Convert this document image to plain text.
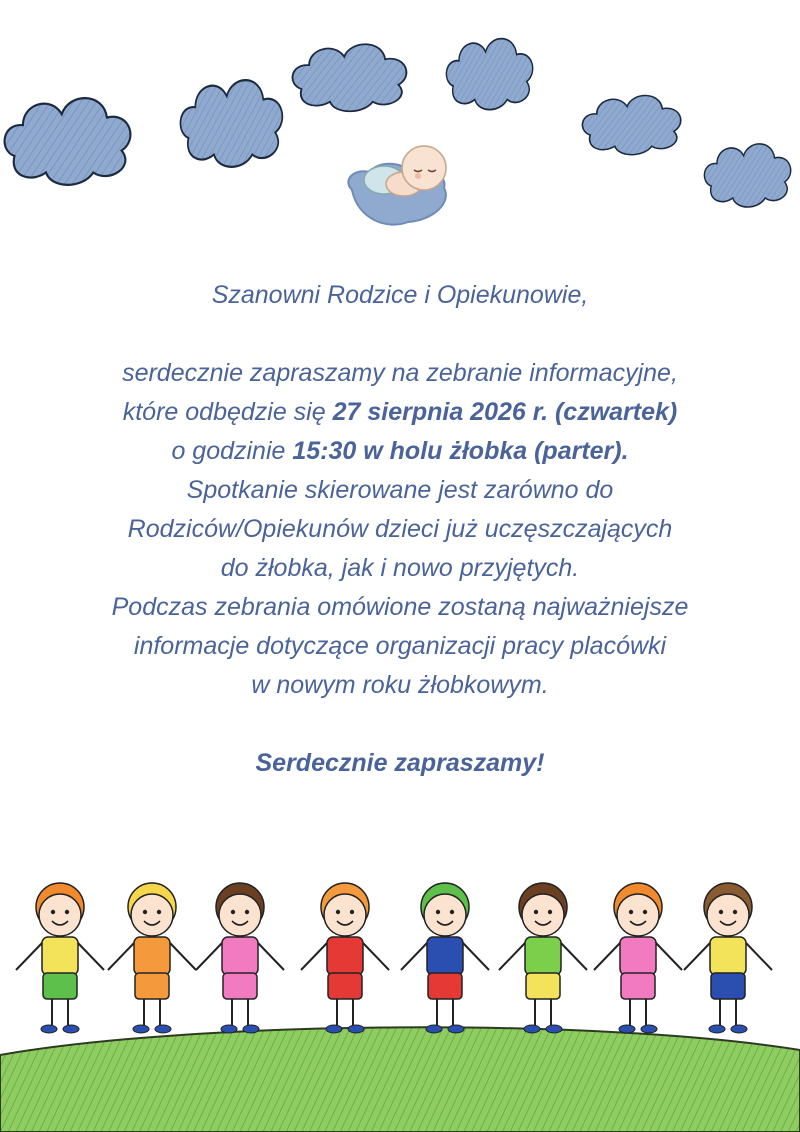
Szanowni Rodzice i Opiekunowie,
serdecznie zapraszamy na zebranie informacyjne,
które odbędzie się 27 sierpnia 2026 r. (czwartek)
o godzinie 15:30 w holu żłobka (parter).
Spotkanie skierowane jest zarówno do
Rodziców/Opiekunów dzieci już uczęszczających
do żłobka, jak i nowo przyjętych.
Podczas zebrania omówione zostaną najważniejsze
informacje dotyczące organizacji pracy placówki
w nowym roku żłobkowym.
Serdecznie zapraszamy!
